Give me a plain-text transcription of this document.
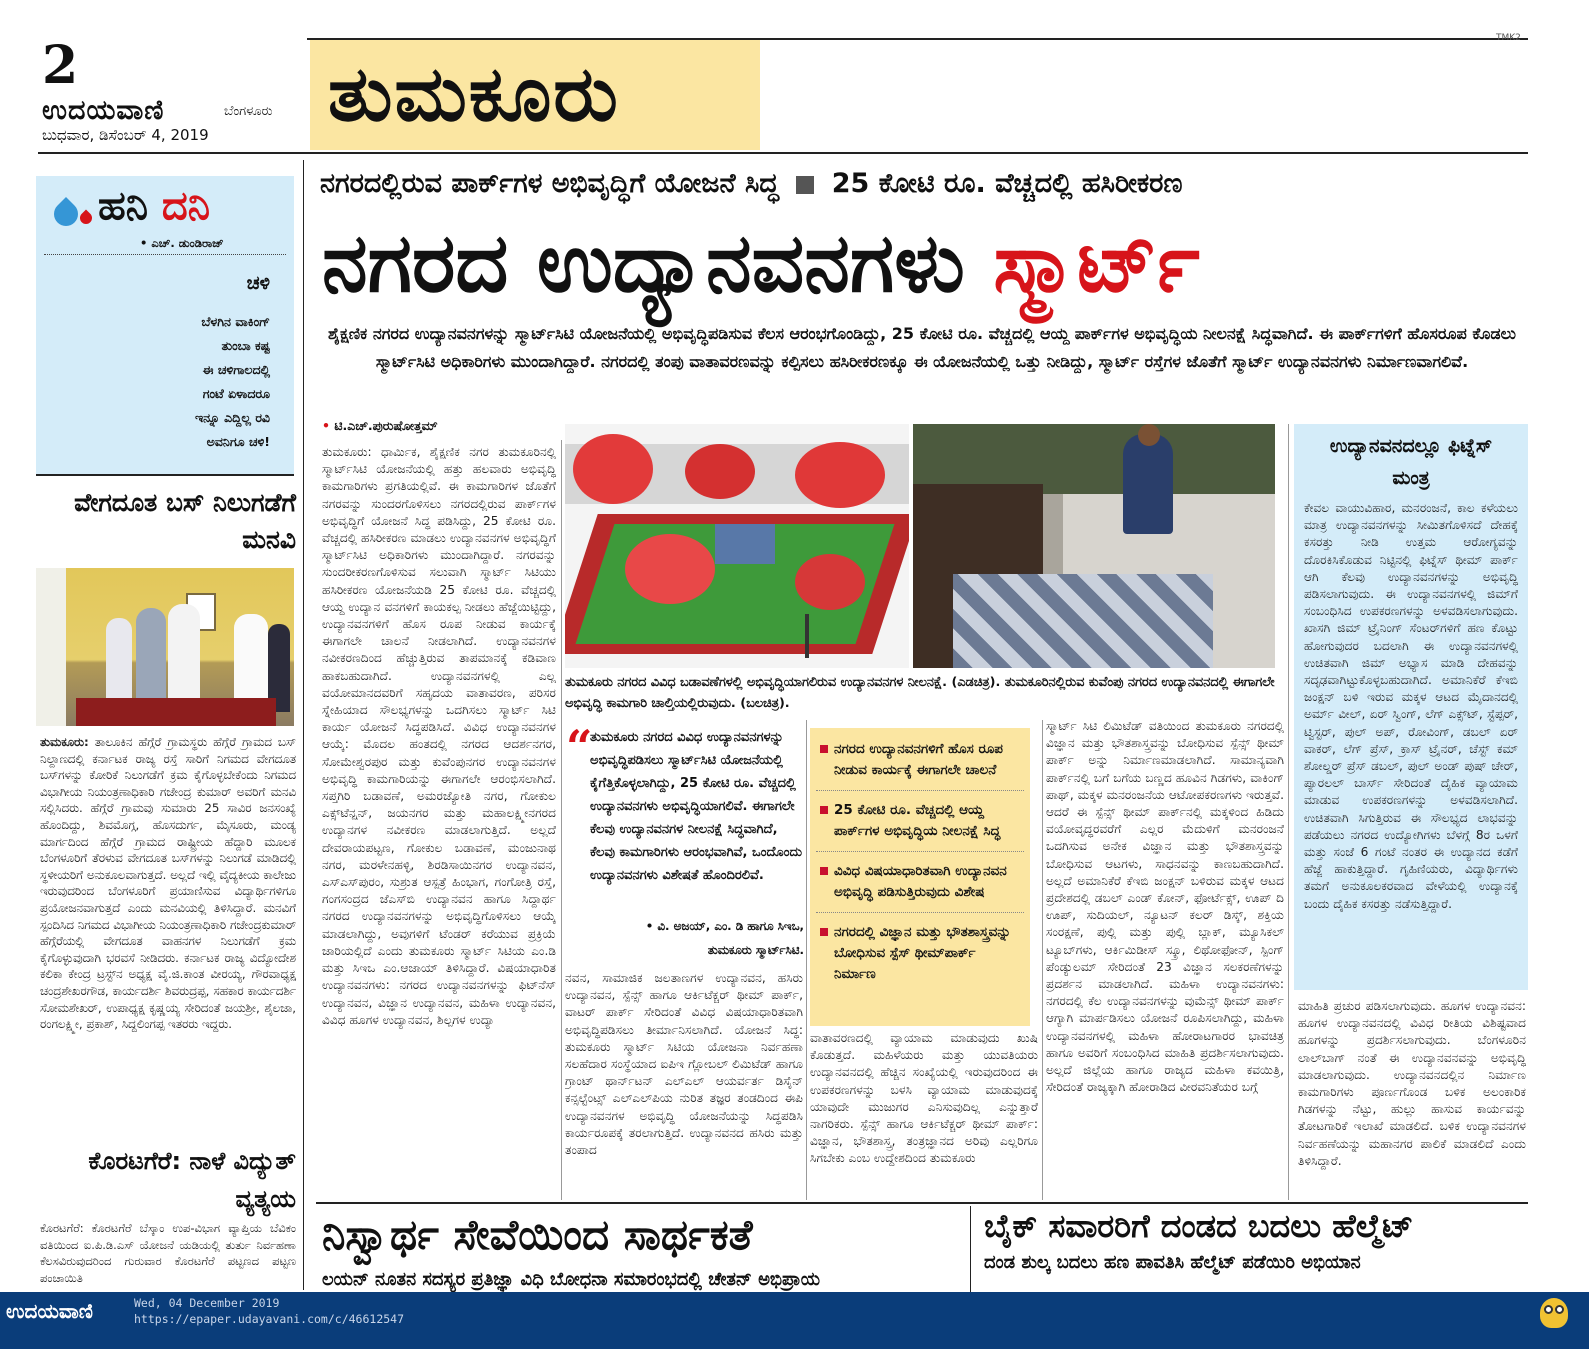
2
ಉದಯವಾಣಿ	ಬೆಂಗಳೂರು
ಬುಧವಾರ, ಡಿಸೆಂಬರ್ 4, 2019 ತುಮಕೂರು
TMK2
ಹನಿ ದನಿ
• ಎಚ್. ಡುಂಡಿರಾಜ್
ಚಳಿ
ಬೆಳಗಿನ ವಾಕಿಂಗ್
ತುಂಬಾ ಕಷ್ಟ
ಈ ಚಳಿಗಾಲದಲ್ಲಿ
ಗಂಟೆ ಏಳಾದರೂ
ಇನ್ನೂ ಎದ್ದಿಲ್ಲ ರವಿ
ಅವನಿಗೂ ಚಳಿ!
ವೇಗದೂತ ಬಸ್ ನಿಲುಗಡೆಗೆ ಮನವಿ
ತುಮಕೂರು: ತಾಲೂಕಿನ ಹೆಗ್ಗೆರೆ ಗ್ರಾಮಸ್ಥರು ಹೆಗ್ಗೆರೆ ಗ್ರಾಮದ ಬಸ್ ನಿಲ್ದಾಣದಲ್ಲಿ ಕರ್ನಾಟಕ ರಾಜ್ಯ ರಸ್ತೆ ಸಾರಿಗೆ ನಿಗಮದ ವೇಗದೂತ ಬಸ್‌ಗಳನ್ನು ಕೋರಿಕೆ ನಿಲುಗಡೆಗೆ ಕ್ರಮ ಕೈಗೊಳ್ಳಬೇಕೆಂದು ನಿಗಮದ ವಿಭಾಗೀಯ ನಿಯಂತ್ರಣಾಧಿಕಾರಿ ಗಜೇಂದ್ರ ಕುಮಾರ್ ಅವರಿಗೆ ಮನವಿ ಸಲ್ಲಿಸಿದರು. ಹೆಗ್ಗೆರೆ ಗ್ರಾಮವು ಸುಮಾರು 25 ಸಾವಿರ ಜನಸಂಖ್ಯೆ ಹೊಂದಿದ್ದು, ಶಿವಮೊಗ್ಗ, ಹೊಸದುರ್ಗ, ಮೈಸೂರು, ಮಂಡ್ಯ ಮಾರ್ಗದಿಂದ ಹೆಗ್ಗೆರೆ ಗ್ರಾಮದ ರಾಷ್ಟ್ರೀಯ ಹೆದ್ದಾರಿ ಮೂಲಕ ಬೆಂಗಳೂರಿಗೆ ತೆರಳುವ ವೇಗದೂತ ಬಸ್‌ಗಳನ್ನು ನಿಲುಗಡೆ ಮಾಡಿದಲ್ಲಿ ಸ್ಥಳೀಯರಿಗೆ ಅನುಕೂಲವಾಗುತ್ತದೆ. ಅಲ್ಲದೆ ಇಲ್ಲಿ ವೈದ್ಯಕೀಯ ಕಾಲೇಜು ಇರುವುದರಿಂದ ಬೆಂಗಳೂರಿಗೆ ಪ್ರಯಾಣಿಸುವ ವಿದ್ಯಾರ್ಥಿಗಳಿಗೂ ಪ್ರಯೋಜನವಾಗುತ್ತದೆ ಎಂದು ಮನವಿಯಲ್ಲಿ ತಿಳಿಸಿದ್ದಾರೆ. ಮನವಿಗೆ ಸ್ಪಂದಿಸಿದ ನಿಗಮದ ವಿಭಾಗೀಯ ನಿಯಂತ್ರಣಾಧಿಕಾರಿ ಗಜೇಂದ್ರಕುಮಾರ್ ಹೆಗ್ಗೆರೆಯಲ್ಲಿ ವೇಗದೂತ ವಾಹನಗಳ ನಿಲುಗಡೆಗೆ ಕ್ರಮ ಕೈಗೊಳ್ಳುವುದಾಗಿ ಭರವಸೆ ನೀಡಿದರು. ಕರ್ನಾಟಕ ರಾಜ್ಯ ವಿದ್ಯೋದೇಶ ಕಲಿಕಾ ಕೇಂದ್ರ ಟ್ರಸ್ಟ್‌ನ ಅಧ್ಯಕ್ಷ ವೈ.ಜಿ.ಕಾಂತ ವೀರಯ್ಯ, ಗೌರವಾಧ್ಯಕ್ಷ ಚಂದ್ರಶೇಖರಗೌಡ, ಕಾರ್ಯದರ್ಶಿ ಶಿವರುದ್ರಪ್ಪ, ಸಹಕಾರ ಕಾರ್ಯದರ್ಶಿ ಸೋಮಶೇಖರ್, ಉಪಾಧ್ಯಕ್ಷ ಕೃಷ್ಣಯ್ಯ ಸೇರಿದಂತೆ ಜಯಶ್ರೀ, ಶೈಲಜಾ, ರಂಗಲಕ್ಷ್ಮೀ, ಪ್ರಕಾಶ್, ಸಿದ್ದಲಿಂಗಪ್ಪ ಇತರರು ಇದ್ದರು.
ಕೊರಟಗೆರೆ: ನಾಳೆ ವಿದ್ಯುತ್ ವ್ಯತ್ಯಯ
ಕೊರಟಗೆರೆ: ಕೊರಟಗೆರೆ ಬೆಸ್ಕಾಂ ಉಪ-ವಿಭಾಗ ವ್ಯಾಪ್ತಿಯ ಬೆವಿಕಂ ವತಿಯಿಂದ ಐ.ಪಿ.ಡಿ.ಎಸ್ ಯೋಜನೆ ಯಡಿಯಲ್ಲಿ ತುರ್ತು ನಿರ್ವಹಣಾ ಕೆಲಸವಿರುವುದರಿಂದ ಗುರುವಾರ ಕೊರಟಗೆರೆ ಪಟ್ಟಣದ ಪಟ್ಟಣ ಪಂಚಾಯಿತಿ
ನಗರದಲ್ಲಿರುವ ಪಾರ್ಕ್‌ಗಳ ಅಭಿವೃದ್ಧಿಗೆ ಯೋಜನೆ ಸಿದ್ಧ 25 ಕೋಟಿ ರೂ. ವೆಚ್ಚದಲ್ಲಿ ಹಸಿರೀಕರಣ
ನಗರದ ಉದ್ಯಾನವನಗಳು ಸ್ಮಾರ್ಟ್
ಶೈಕ್ಷಣಿಕ ನಗರದ ಉದ್ಯಾನವನಗಳನ್ನು ಸ್ಮಾರ್ಟ್‌ಸಿಟಿ ಯೋಜನೆಯಲ್ಲಿ ಅಭಿವೃದ್ಧಿಪಡಿಸುವ ಕೆಲಸ ಆರಂಭಗೊಂಡಿದ್ದು, 25 ಕೋಟಿ ರೂ. ವೆಚ್ಚದಲ್ಲಿ ಆಯ್ದ ಪಾರ್ಕ್‌ಗಳ ಅಭಿವೃದ್ಧಿಯ ನೀಲನಕ್ಷೆ ಸಿದ್ಧವಾಗಿದೆ. ಈ ಪಾರ್ಕ್‌ಗಳಿಗೆ ಹೊಸರೂಪ ಕೊಡಲು ಸ್ಮಾರ್ಟ್‌ಸಿಟಿ ಅಧಿಕಾರಿಗಳು ಮುಂದಾಗಿದ್ದಾರೆ. ನಗರದಲ್ಲಿ ತಂಪು ವಾತಾವರಣವನ್ನು ಕಲ್ಪಿಸಲು ಹಸಿರೀಕರಣಕ್ಕೂ ಈ ಯೋಜನೆಯಲ್ಲಿ ಒತ್ತು ನೀಡಿದ್ದು, ಸ್ಮಾರ್ಟ್ ರಸ್ತೆಗಳ ಜೊತೆಗೆ ಸ್ಮಾರ್ಟ್ ಉದ್ಯಾನವನಗಳು ನಿರ್ಮಾಣವಾಗಲಿವೆ.
• ಟಿ.ಎಚ್.ಪುರುಷೋತ್ತಮ್
ತುಮಕೂರು: ಧಾರ್ಮಿಕ, ಶೈಕ್ಷಣಿಕ ನಗರ ತುಮಕೂರಿನಲ್ಲಿ ಸ್ಮಾರ್ಟ್‌ಸಿಟಿ ಯೋಜನೆಯಲ್ಲಿ ಹತ್ತು ಹಲವಾರು ಅಭಿವೃದ್ಧಿ ಕಾಮಗಾರಿಗಳು ಪ್ರಗತಿಯಲ್ಲಿವೆ. ಈ ಕಾಮಗಾರಿಗಳ ಜೊತೆಗೆ ನಗರವನ್ನು ಸುಂದರಗೊಳಿಸಲು ನಗರದಲ್ಲಿರುವ ಪಾರ್ಕ್‌ಗಳ ಅಭಿವೃದ್ಧಿಗೆ ಯೋಜನೆ ಸಿದ್ಧ ಪಡಿಸಿದ್ದು, 25 ಕೋಟಿ ರೂ. ವೆಚ್ಚದಲ್ಲಿ ಹಸಿರೀಕರಣ ಮಾಡಲು ಉದ್ಯಾನವನಗಳ ಅಭಿವೃದ್ಧಿಗೆ ಸ್ಮಾರ್ಟ್‌ಸಿಟಿ ಅಧಿಕಾರಿಗಳು ಮುಂದಾಗಿದ್ದಾರೆ. ನಗರವನ್ನು ಸುಂದರೀಕರಣಗೊಳಿಸುವ ಸಲುವಾಗಿ ಸ್ಮಾರ್ಟ್ ಸಿಟಿಯು ಹಸಿರೀಕರಣ ಯೋಜನೆಯಡಿ 25 ಕೋಟಿ ರೂ. ವೆಚ್ಚದಲ್ಲಿ ಆಯ್ದ ಉದ್ಯಾನ ವನಗಳಿಗೆ ಕಾಯಕಲ್ಪ ನೀಡಲು ಹೆಜ್ಜೆಯಿಟ್ಟಿದ್ದು, ಉದ್ಯಾನವನಗಳಿಗೆ ಹೊಸ ರೂಪ ನೀಡುವ ಕಾರ್ಯಕ್ಕೆ ಈಗಾಗಲೇ ಚಾಲನೆ ನೀಡಲಾಗಿದೆ. ಉದ್ಯಾನವನಗಳ ನವೀಕರಣದಿಂದ ಹೆಚ್ಚುತ್ತಿರುವ ತಾಪಮಾನಕ್ಕೆ ಕಡಿವಾಣ ಹಾಕಬಹುದಾಗಿದೆ. ಉದ್ಯಾನವನಗಳಲ್ಲಿ ಎಲ್ಲ ವಯೋಮಾನದವರಿಗೆ ಸಹೃದಯ ವಾತಾವರಣ, ಪರಿಸರ ಸ್ನೇಹಿಯಾದ ಸೌಲಭ್ಯಗಳನ್ನು ಒದಗಿಸಲು ಸ್ಮಾರ್ಟ್ ಸಿಟಿ ಕಾರ್ಯ ಯೋಜನೆ ಸಿದ್ಧಪಡಿಸಿದೆ. ವಿವಿಧ ಉದ್ಯಾನವನಗಳ ಆಯ್ಕೆ: ಮೊದಲ ಹಂತದಲ್ಲಿ ನಗರದ ಆದರ್ಶನಗರ, ಸೋಮೇಶ್ವರಪುರ ಮತ್ತು ಕುವೆಂಪುನಗರ ಉದ್ಯಾನವನಗಳ ಅಭಿವೃದ್ಧಿ ಕಾಮಗಾರಿಯನ್ನು ಈಗಾಗಲೇ ಆರಂಭಿಸಲಾಗಿದೆ. ಸಪ್ತಗಿರಿ ಬಡಾವಣೆ, ಅಮರಜ್ಯೋತಿ ನಗರ, ಗೋಕುಲ ಎಕ್ಸ್‌ಟೆನ್ಷನ್, ಜಯನಗರ ಮತ್ತು ಮಹಾಲಕ್ಷ್ಮೀನಗರದ ಉದ್ಯಾನಗಳ ನವೀಕರಣ ಮಾಡಲಾಗುತ್ತಿದೆ. ಅಲ್ಲದೆ ದೇವರಾಯಪಟ್ಟಣ, ಗೋಕುಲ ಬಡಾವಣೆ, ಮಂಜುನಾಥ ನಗರ, ಮರಳೇನಹಳ್ಳಿ, ಶಿರಡಿಸಾಯಿನಗರ ಉದ್ಯಾನವನ, ಎಸ್‌ಎಸ್‌ಪುರಂ, ಸುಶ್ರುತ ಆಸ್ಪತ್ರೆ ಹಿಂಭಾಗ, ಗಂಗೋತ್ರಿ ರಸ್ತೆ, ಗಂಗಸಂದ್ರದ ಜೆಎಸ್‌ಬಿ ಉದ್ಯಾನವನ ಹಾಗೂ ಸಿದ್ದಾರ್ಥ ನಗರದ ಉದ್ಯಾನವನಗಳನ್ನು ಅಭಿವೃದ್ಧಿಗೊಳಿಸಲು ಆಯ್ಕೆ ಮಾಡಲಾಗಿದ್ದು, ಅವುಗಳಿಗೆ ಟೆಂಡರ್ ಕರೆಯುವ ಪ್ರಕ್ರಿಯೆ ಜಾರಿಯಲ್ಲಿದೆ ಎಂದು ತುಮಕೂರು ಸ್ಮಾರ್ಟ್ ಸಿಟಿಯ ಎಂ.ಡಿ ಮತ್ತು ಸಿಇಒ ಎಂ.ಆಜಾಯ್ ತಿಳಿಸಿದ್ದಾರೆ. ವಿಷಯಾಧಾರಿತ ಉದ್ಯಾನವನಗಳು: ನಗರದ ಉದ್ಯಾನವನಗಳನ್ನು ಫಿಟ್‌ನೆಸ್ ಉದ್ಯಾನವನ, ವಿಜ್ಞಾನ ಉದ್ಯಾನವನ, ಮಹಿಳಾ ಉದ್ಯಾನವನ, ವಿವಿಧ ಹೂಗಳ ಉದ್ಯಾನವನ, ಶಿಲ್ಪಗಳ ಉದ್ಯಾ
ತುಮಕೂರು ನಗರದ ವಿವಿಧ ಬಡಾವಣೆಗಳಲ್ಲಿ ಅಭಿವೃದ್ಧಿಯಾಗಲಿರುವ ಉದ್ಯಾನವನಗಳ ನೀಲನಕ್ಷೆ. (ಎಡಚಿತ್ರ). ತುಮಕೂರಿನಲ್ಲಿರುವ ಕುವೆಂಪು ನಗರದ ಉದ್ಯಾನವನದಲ್ಲಿ ಈಗಾಗಲೇ ಅಭಿವೃದ್ಧಿ ಕಾಮಗಾರಿ ಚಾಲ್ತಿಯಲ್ಲಿರುವುದು. (ಬಲಚಿತ್ರ).
“
ತುಮಕೂರು ನಗರದ ವಿವಿಧ ಉದ್ಯಾನವನಗಳನ್ನು ಅಭಿವೃದ್ಧಿಪಡಿಸಲು ಸ್ಮಾರ್ಟ್‌ಸಿಟಿ ಯೋಜನೆಯಲ್ಲಿ ಕೈಗೆತ್ತಿಕೊಳ್ಳಲಾಗಿದ್ದು, 25 ಕೋಟಿ ರೂ. ವೆಚ್ಚದಲ್ಲಿ ಉದ್ಯಾನವನಗಳು ಅಭಿವೃದ್ಧಿಯಾಗಲಿವೆ. ಈಗಾಗಲೇ ಕೆಲವು ಉದ್ಯಾನವನಗಳ ನೀಲನಕ್ಷೆ ಸಿದ್ಧವಾಗಿದೆ, ಕೆಲವು ಕಾಮಗಾರಿಗಳು ಆರಂಭವಾಗಿವೆ, ಒಂದೊಂದು ಉದ್ಯಾನವನಗಳು ವಿಶೇಷತೆ ಹೊಂದಿರಲಿವೆ.
• ವಿ. ಅಜಯ್, ಎಂ. ಡಿ ಹಾಗೂ ಸಿಇಒ, ತುಮಕೂರು ಸ್ಮಾರ್ಟ್‌ಸಿಟಿ.
ನವನ, ಸಾಮಾಜಿಕ ಜಲತಾಣಗಳ ಉದ್ಯಾನವನ, ಹಸಿರು ಉದ್ಯಾನವನ, ಸ್ಪೆನ್ಸ್ ಹಾಗೂ ಆರ್ಕಿಟೆಕ್ಚರ್ ಥೀಮ್ ಪಾರ್ಕ್, ವಾಟರ್ ಪಾರ್ಕ್ ಸೇರಿದಂತೆ ವಿವಿಧ ವಿಷಯಾಧಾರಿತವಾಗಿ ಅಭಿವೃದ್ಧಿಪಡಿಸಲು ತೀರ್ಮಾನಿಸಲಾಗಿದೆ. ಯೋಜನೆ ಸಿದ್ಧ: ತುಮಕೂರು ಸ್ಮಾರ್ಟ್ ಸಿಟಿಯ ಯೋಜನಾ ನಿರ್ವಹಣಾ ಸಲಹೆದಾರ ಸಂಸ್ಥೆಯಾದ ಐಪಿಇ ಗ್ಲೋಬಲ್ ಲಿಮಿಟೆಡ್ ಹಾಗೂ ಗ್ರಾಂಟ್ ಥಾರ್ನ್‌ಟನ್ ಎಲ್‌ಎಲ್ ಆಯರ್ವರ್ತ ಡಿಸೈನ್ ಕನ್ಸಲ್ಟೆಂಟ್ಸ್ ಎಲ್‌ಎಲ್‌ಪಿಯ ನುರಿತ ತಜ್ಞರ ತಂಡದಿಂದ ಈಪಿ ಉದ್ಯಾನವನಗಳ ಅಭಿವೃದ್ಧಿ ಯೋಜನೆಯನ್ನು ಸಿದ್ಧಪಡಿಸಿ ಕಾರ್ಯರೂಪಕ್ಕೆ ತರಲಾಗುತ್ತಿದೆ. ಉದ್ಯಾನವನದ ಹಸಿರು ಮತ್ತು ತಂಪಾದ
ನಗರದ ಉದ್ಯಾನವನಗಳಿಗೆ ಹೊಸ ರೂಪ ನೀಡುವ ಕಾರ್ಯಕ್ಕೆ ಈಗಾಗಲೇ ಚಾಲನೆ
25 ಕೋಟಿ ರೂ. ವೆಚ್ಚದಲ್ಲಿ ಆಯ್ದ ಪಾರ್ಕ್‌ಗಳ ಅಭಿವೃದ್ಧಿಯ ನೀಲನಕ್ಷೆ ಸಿದ್ಧ
ವಿವಿಧ ವಿಷಯಾಧಾರಿತವಾಗಿ ಉದ್ಯಾನವನ ಅಭಿವೃದ್ಧಿ ಪಡಿಸುತ್ತಿರುವುದು ವಿಶೇಷ
ನಗರದಲ್ಲಿ ವಿಜ್ಞಾನ ಮತ್ತು ಭೌತಶಾಸ್ತ್ರವನ್ನು ಬೋಧಿಸುವ ಸ್ಪೆಸ್ ಥೀಮ್‌ಪಾರ್ಕ್ ನಿರ್ಮಾಣ
ವಾತಾವರಣದಲ್ಲಿ ವ್ಯಾಯಾಮ ಮಾಡುವುದು ಖುಷಿ ಕೊಡುತ್ತದೆ. ಮಹಿಳೆಯರು ಮತ್ತು ಯುವತಿಯರು ಉದ್ಯಾನವನದಲ್ಲಿ ಹೆಚ್ಚಿನ ಸಂಖ್ಯೆಯಲ್ಲಿ ಇರುವುದರಿಂದ ಈ ಉಪಕರಣಗಳನ್ನು ಬಳಸಿ ವ್ಯಾಯಾಮ ಮಾಡುವುದಕ್ಕೆ ಯಾವುದೇ ಮುಜುಗರ ಎನಿಸುವುದಿಲ್ಲ ಎನ್ನುತ್ತಾರೆ ನಾಗರಿಕರು. ಸ್ಪೆನ್ಸ್ ಹಾಗೂ ಆರ್ಕಿಟೆಕ್ಚರ್ ಥೀಮ್ ಪಾರ್ಕ್: ವಿಜ್ಞಾನ, ಭೌತಶಾಸ್ತ್ರ, ತಂತ್ರಜ್ಞಾನದ ಅರಿವು ಎಲ್ಲರಿಗೂ ಸಿಗಬೇಕು ಎಂಬ ಉದ್ದೇಶದಿಂದ ತುಮಕೂರು
ಸ್ಮಾರ್ಟ್ ಸಿಟಿ ಲಿಮಿಟೆಡ್ ವತಿಯಿಂದ ತುಮಕೂರು ನಗರದಲ್ಲಿ ವಿಜ್ಞಾನ ಮತ್ತು ಭೌತಶಾಸ್ತ್ರವನ್ನು ಬೋಧಿಸುವ ಸ್ಪೆನ್ಸ್ ಥೀಮ್ ಪಾರ್ಕ್ ಅನ್ನು ನಿರ್ಮಾಣಮಾಡಲಾಗಿದೆ. ಸಾಮಾನ್ಯವಾಗಿ ಪಾರ್ಕ್‌ನಲ್ಲಿ ಬಗೆ ಬಗೆಯ ಬಣ್ಣದ ಹೂವಿನ ಗಿಡಗಳು, ವಾಕಿಂಗ್ ಪಾಥ್, ಮಕ್ಕಳ ಮನರಂಜನೆಯ ಆಟೋಪಕರಣಗಳು ಇರುತ್ತವೆ. ಆದರೆ ಈ ಸ್ಪೆನ್ಸ್ ಥೀಮ್ ಪಾರ್ಕ್‌ನಲ್ಲಿ ಮಕ್ಕಳಿಂದ ಹಿಡಿದು ವಯೋವೃದ್ಧರವರೆಗೆ ಎಲ್ಲರ ಮೆದುಳಿಗೆ ಮನರಂಜನೆ ಒದಗಿಸುವ ಅನೇಕ ವಿಜ್ಞಾನ ಮತ್ತು ಭೌತಶಾಸ್ತ್ರವನ್ನು ಬೋಧಿಸುವ ಆಟಗಳು, ಸಾಧನವನ್ನು ಕಾಣಬಹುದಾಗಿದೆ. ಅಲ್ಲದೆ ಅಮಾನಿಕೆರೆ ಕೆಇಬಿ ಜಂಕ್ಷನ್ ಬಳಿರುವ ಮಕ್ಕಳ ಆಟದ ಪ್ರದೇಶದಲ್ಲಿ ಡಬಲ್ ಎಂಡ್ ಕೋನ್, ಫೋರ್ಟೆಕ್ಸ್, ಊಪ್ ದಿ ಊಪ್, ಸುದಿಯಲ್, ನ್ಯೂಟನ್ ಕಲರ್ ಡಿಸ್ಕ್, ಶಕ್ತಿಯ ಸಂರಕ್ಷಣೆ, ಪುಲ್ಲಿ ಮತ್ತು ಪುಲ್ಲಿ ಬ್ಲಾಕ್, ಮ್ಯೂಸಿಕಲ್ ಟ್ಯೂಬ್‌ಗಳು, ಆರ್ಕಿಮಿಡೀಸ್ ಸ್ಕ್ರೂ, ಲಿಥೋಫೋನ್, ಸ್ಪಿಂಗ್ ಪೆಂಡ್ಯುಲಮ್ ಸೇರಿದಂತೆ 23 ವಿಜ್ಞಾನ ಸಲಕರಣೆಗಳನ್ನು ಪ್ರದರ್ಶನ ಮಾಡಲಾಗಿದೆ. ಮಹಿಳಾ ಉದ್ಯಾನವನಗಳು: ನಗರದಲ್ಲಿ ಕೆಲ ಉದ್ಯಾನವನಗಳನ್ನು ವುಮೆನ್ಸ್ ಥೀಮ್ ಪಾರ್ಕ್ ಆಗ್ಯಾಗಿ ಮಾರ್ಪಡಿಸಲು ಯೋಜನೆ ರೂಪಿಸಲಾಗಿದ್ದು, ಮಹಿಳಾ ಉದ್ಯಾನವನಗಳಲ್ಲಿ ಮಹಿಳಾ ಹೋರಾಟಗಾರರ ಭಾವಚಿತ್ರ ಹಾಗೂ ಅವರಿಗೆ ಸಂಬಂಧಿಸಿದ ಮಾಹಿತಿ ಪ್ರದರ್ಶಿಸಲಾಗುವುದು. ಅಲ್ಲದೆ ಜಿಲ್ಲೆಯ ಹಾಗೂ ರಾಜ್ಯದ ಮಹಿಳಾ ಕವಯಿತ್ರಿ, ಸೇರಿದಂತೆ ರಾಜ್ಯಕ್ಕಾಗಿ ಹೋರಾಡಿದ ವೀರವನಿತೆಯರ ಬಗ್ಗೆ
ಉದ್ಯಾನವನದಲ್ಲೂ ಫಿಟ್ನೆಸ್ ಮಂತ್ರ
ಕೇವಲ ವಾಯುವಿಹಾರ, ಮನರಂಜನೆ, ಕಾಲ ಕಳೆಯಲು ಮಾತ್ರ ಉದ್ಯಾನವನಗಳನ್ನು ಸೀಮಿತಗೊಳಿಸದೆ ದೇಹಕ್ಕೆ ಕಸರತ್ತು ನೀಡಿ ಉತ್ತಮ ಆರೋಗ್ಯವನ್ನು ದೊರಕಿಸಿಕೊಡುವ ನಿಟ್ಟಿನಲ್ಲಿ ಫಿಟ್ನೆಸ್ ಥೀಮ್ ಪಾರ್ಕ್ ಆಗಿ ಕೆಲವು ಉದ್ಯಾನವನಗಳನ್ನು ಅಭಿವೃದ್ಧಿ ಪಡಿಸಲಾಗುವುದು. ಈ ಉದ್ಯಾನವನಗಳಲ್ಲಿ ಜಿಮ್‌ಗೆ ಸಂಬಂಧಿಸಿದ ಉಪಕರಣಗಳನ್ನು ಅಳವಡಿಸಲಾಗುವುದು. ಖಾಸಗಿ ಜಿಮ್ ಟ್ರೈನಿಂಗ್ ಸೆಂಟರ್‌ಗಳಿಗೆ ಹಣ ಕೊಟ್ಟು ಹೋಗುವುದರ ಬದಲಾಗಿ ಈ ಉದ್ಯಾನವನಗಳಲ್ಲಿ ಉಚಿತವಾಗಿ ಜಿಮ್ ಅಭ್ಯಾಸ ಮಾಡಿ ದೇಹವನ್ನು ಸದೃಢವಾಗಿಟ್ಟುಕೊಳ್ಳಬಹುದಾಗಿದೆ. ಅಮಾನಿಕೆರೆ ಕೆಇಬಿ ಜಂಕ್ಷನ್ ಬಳಿ ಇರುವ ಮಕ್ಕಳ ಆಟದ ಮೈದಾನದಲ್ಲಿ ಅರ್ಮ್ ವೀಲ್, ಏರ್ ಸ್ವಿಂಗ್, ಲೆಗ್ ಎಕ್ಸ್‌ಟ್, ಸ್ಟೆಪ್ಪರ್, ಟ್ವಿಸ್ಟರ್, ಪುಲ್ ಅಪ್, ರೋವಿಂಗ್, ಡಬಲ್ ಏರ್ ವಾಕರ್, ಲೆಗ್ ಪ್ರೆಸ್, ಕ್ರಾಸ್ ಟ್ರೈನರ್, ಚೆಸ್ಟ್ ಕಮ್ ಶೋಲ್ಡರ್ ಪ್ರೆಸ್ ಡಬಲ್, ಪುಲ್ ಅಂಡ್ ಪುಷ್ ಚೇರ್, ಪ್ಯಾರಲಲ್ ಬಾರ್ಸ್ ಸೇರಿದಂತೆ ದೈಹಿಕ ವ್ಯಾಯಾಮ ಮಾಡುವ ಉಪಕರಣಗಳನ್ನು ಅಳವಡಿಸಲಾಗಿದೆ. ಉಚಿತವಾಗಿ ಸಿಗುತ್ತಿರುವ ಈ ಸೌಲಭ್ಯದ ಲಾಭವನ್ನು ಪಡೆಯಲು ನಗರದ ಉದ್ಯೋಗಿಗಳು ಬೆಳಗ್ಗೆ 8ರ ಒಳಗೆ ಮತ್ತು ಸಂಜೆ 6 ಗಂಟೆ ನಂತರ ಈ ಉದ್ಯಾನದ ಕಡೆಗೆ ಹೆಜ್ಜೆ ಹಾಕುತ್ತಿದ್ದಾರೆ. ಗೃಹಿಣಿಯರು, ವಿದ್ಯಾರ್ಥಿಗಳು ತಮಗೆ ಅನುಕೂಲಕರವಾದ ವೇಳೆಯಲ್ಲಿ ಉದ್ಯಾನಕ್ಕೆ ಬಂದು ದೈಹಿಕ ಕಸರತ್ತು ನಡೆಸುತ್ತಿದ್ದಾರೆ.
ಮಾಹಿತಿ ಪ್ರಚುರ ಪಡಿಸಲಾಗುವುದು. ಹೂಗಳ ಉದ್ಯಾನವನ: ಹೂಗಳ ಉದ್ಯಾನವನದಲ್ಲಿ ವಿವಿಧ ರೀತಿಯ ವಿಶಿಷ್ಟವಾದ ಹೂಗಳನ್ನು ಪ್ರದರ್ಶಿಸಲಾಗುವುದು. ಬೆಂಗಳೂರಿನ ಲಾಲ್‌ಬಾಗ್ ನಂತೆ ಈ ಉದ್ಯಾನವನವನ್ನು ಅಭಿವೃದ್ಧಿ ಮಾಡಲಾಗುವುದು. ಉದ್ಯಾನವನದಲ್ಲಿನ ನಿರ್ಮಾಣ ಕಾಮಗಾರಿಗಳು ಪೂರ್ಣಗೊಂಡ ಬಳಿಕ ಅಲಂಕಾರಿಕ ಗಿಡಗಳನ್ನು ನೆಟ್ಟು, ಹುಲ್ಲು ಹಾಸುವ ಕಾರ್ಯವನ್ನು ತೋಟಗಾರಿಕೆ ಇಲಾಖೆ ಮಾಡಲಿದೆ. ಬಳಿಕ ಉದ್ಯಾನವನಗಳ ನಿರ್ವಹಣೆಯನ್ನು ಮಹಾನಗರ ಪಾಲಿಕೆ ಮಾಡಲಿದೆ ಎಂದು ತಿಳಿಸಿದ್ದಾರೆ.
ನಿಸ್ವಾರ್ಥ ಸೇವೆಯಿಂದ ಸಾರ್ಥಕತೆ
ಲಯನ್ ನೂತನ ಸದಸ್ಯರ ಪ್ರತಿಜ್ಞಾ ವಿಧಿ ಬೋಧನಾ ಸಮಾರಂಭದಲ್ಲಿ ಚೇತನ್ ಅಭಿಪ್ರಾಯ
ಬೈಕ್ ಸವಾರರಿಗೆ ದಂಡದ ಬದಲು ಹೆಲ್ಮೆಟ್
ದಂಡ ಶುಲ್ಕ ಬದಲು ಹಣ ಪಾವತಿಸಿ ಹೆಲ್ಮೆಟ್ ಪಡೆಯಿರಿ ಅಭಿಯಾನ
ಉದಯವಾಣಿ	Wed, 04 December 2019
https://epaper.udayavani.com/c/46612547
